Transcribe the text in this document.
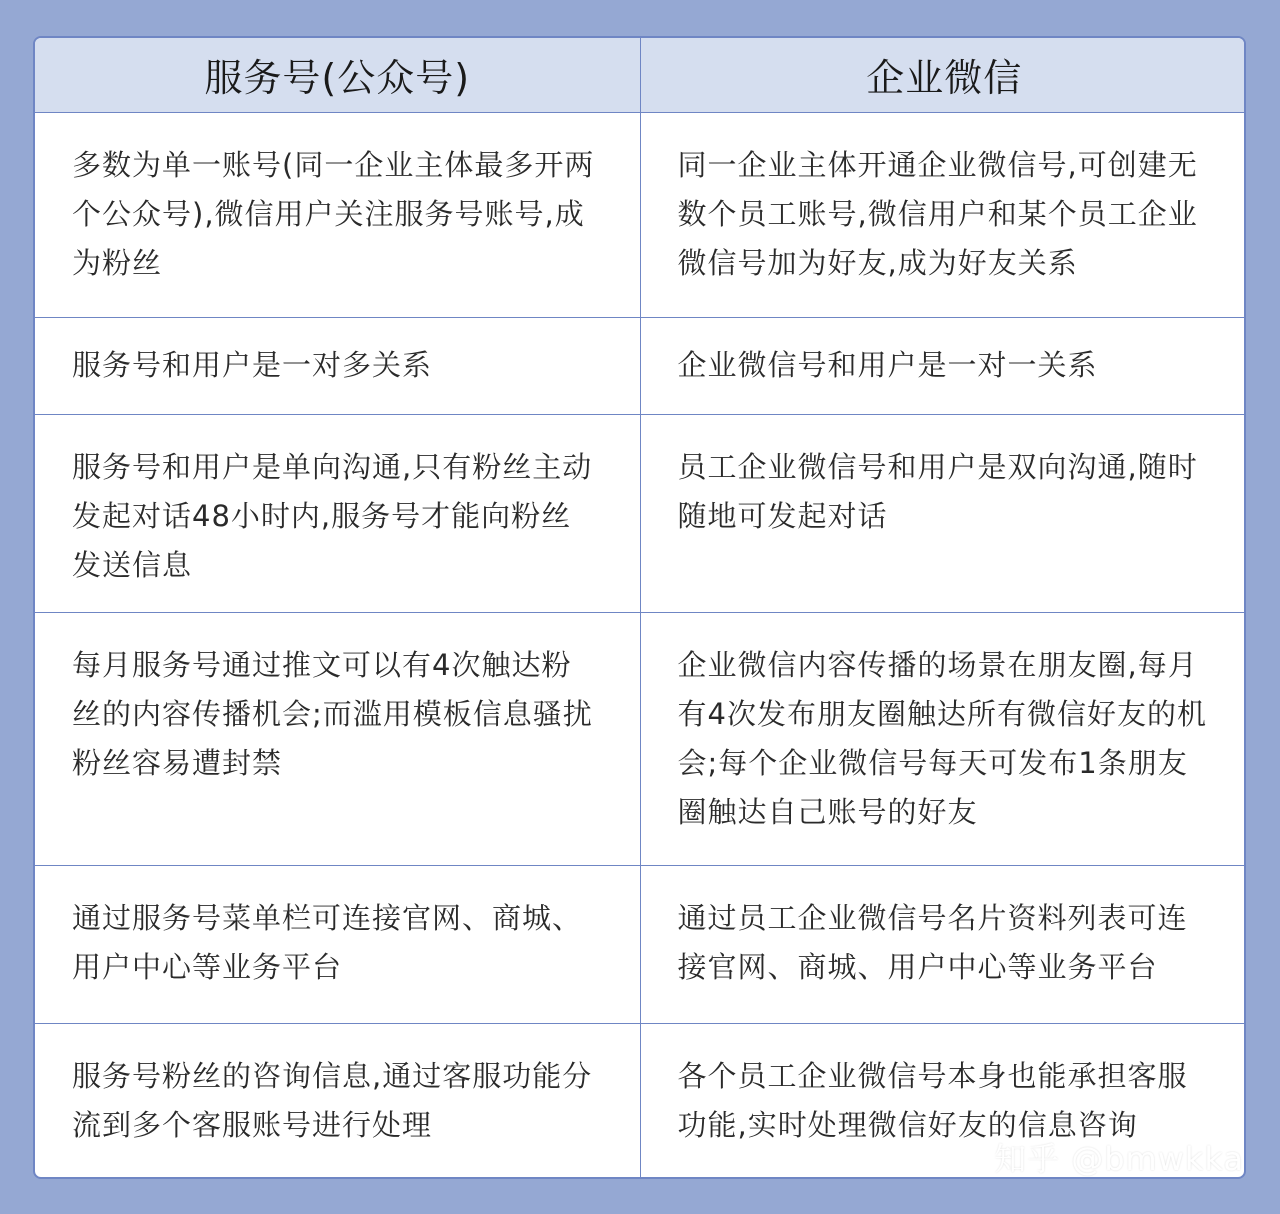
服务号(公众号)	企业微信
多数为单一账号(同一企业主体最多开两个公众号),微信用户关注服务号账号,成为粉丝	同一企业主体开通企业微信号,可创建无数个员工账号,微信用户和某个员工企业微信号加为好友,成为好友关系
服务号和用户是一对多关系	企业微信号和用户是一对一关系
服务号和用户是单向沟通,只有粉丝主动发起对话48小时内,服务号才能向粉丝发送信息	员工企业微信号和用户是双向沟通,随时随地可发起对话
每月服务号通过推文可以有4次触达粉丝的内容传播机会;而滥用模板信息骚扰粉丝容易遭封禁	企业微信内容传播的场景在朋友圈,每月有4次发布朋友圈触达所有微信好友的机会;每个企业微信号每天可发布1条朋友圈触达自己账号的好友
通过服务号菜单栏可连接官网、商城、用户中心等业务平台	通过员工企业微信号名片资料列表可连接官网、商城、用户中心等业务平台
服务号粉丝的咨询信息,通过客服功能分流到多个客服账号进行处理	各个员工企业微信号本身也能承担客服功能,实时处理微信好友的信息咨询
知乎 @bmwkka
